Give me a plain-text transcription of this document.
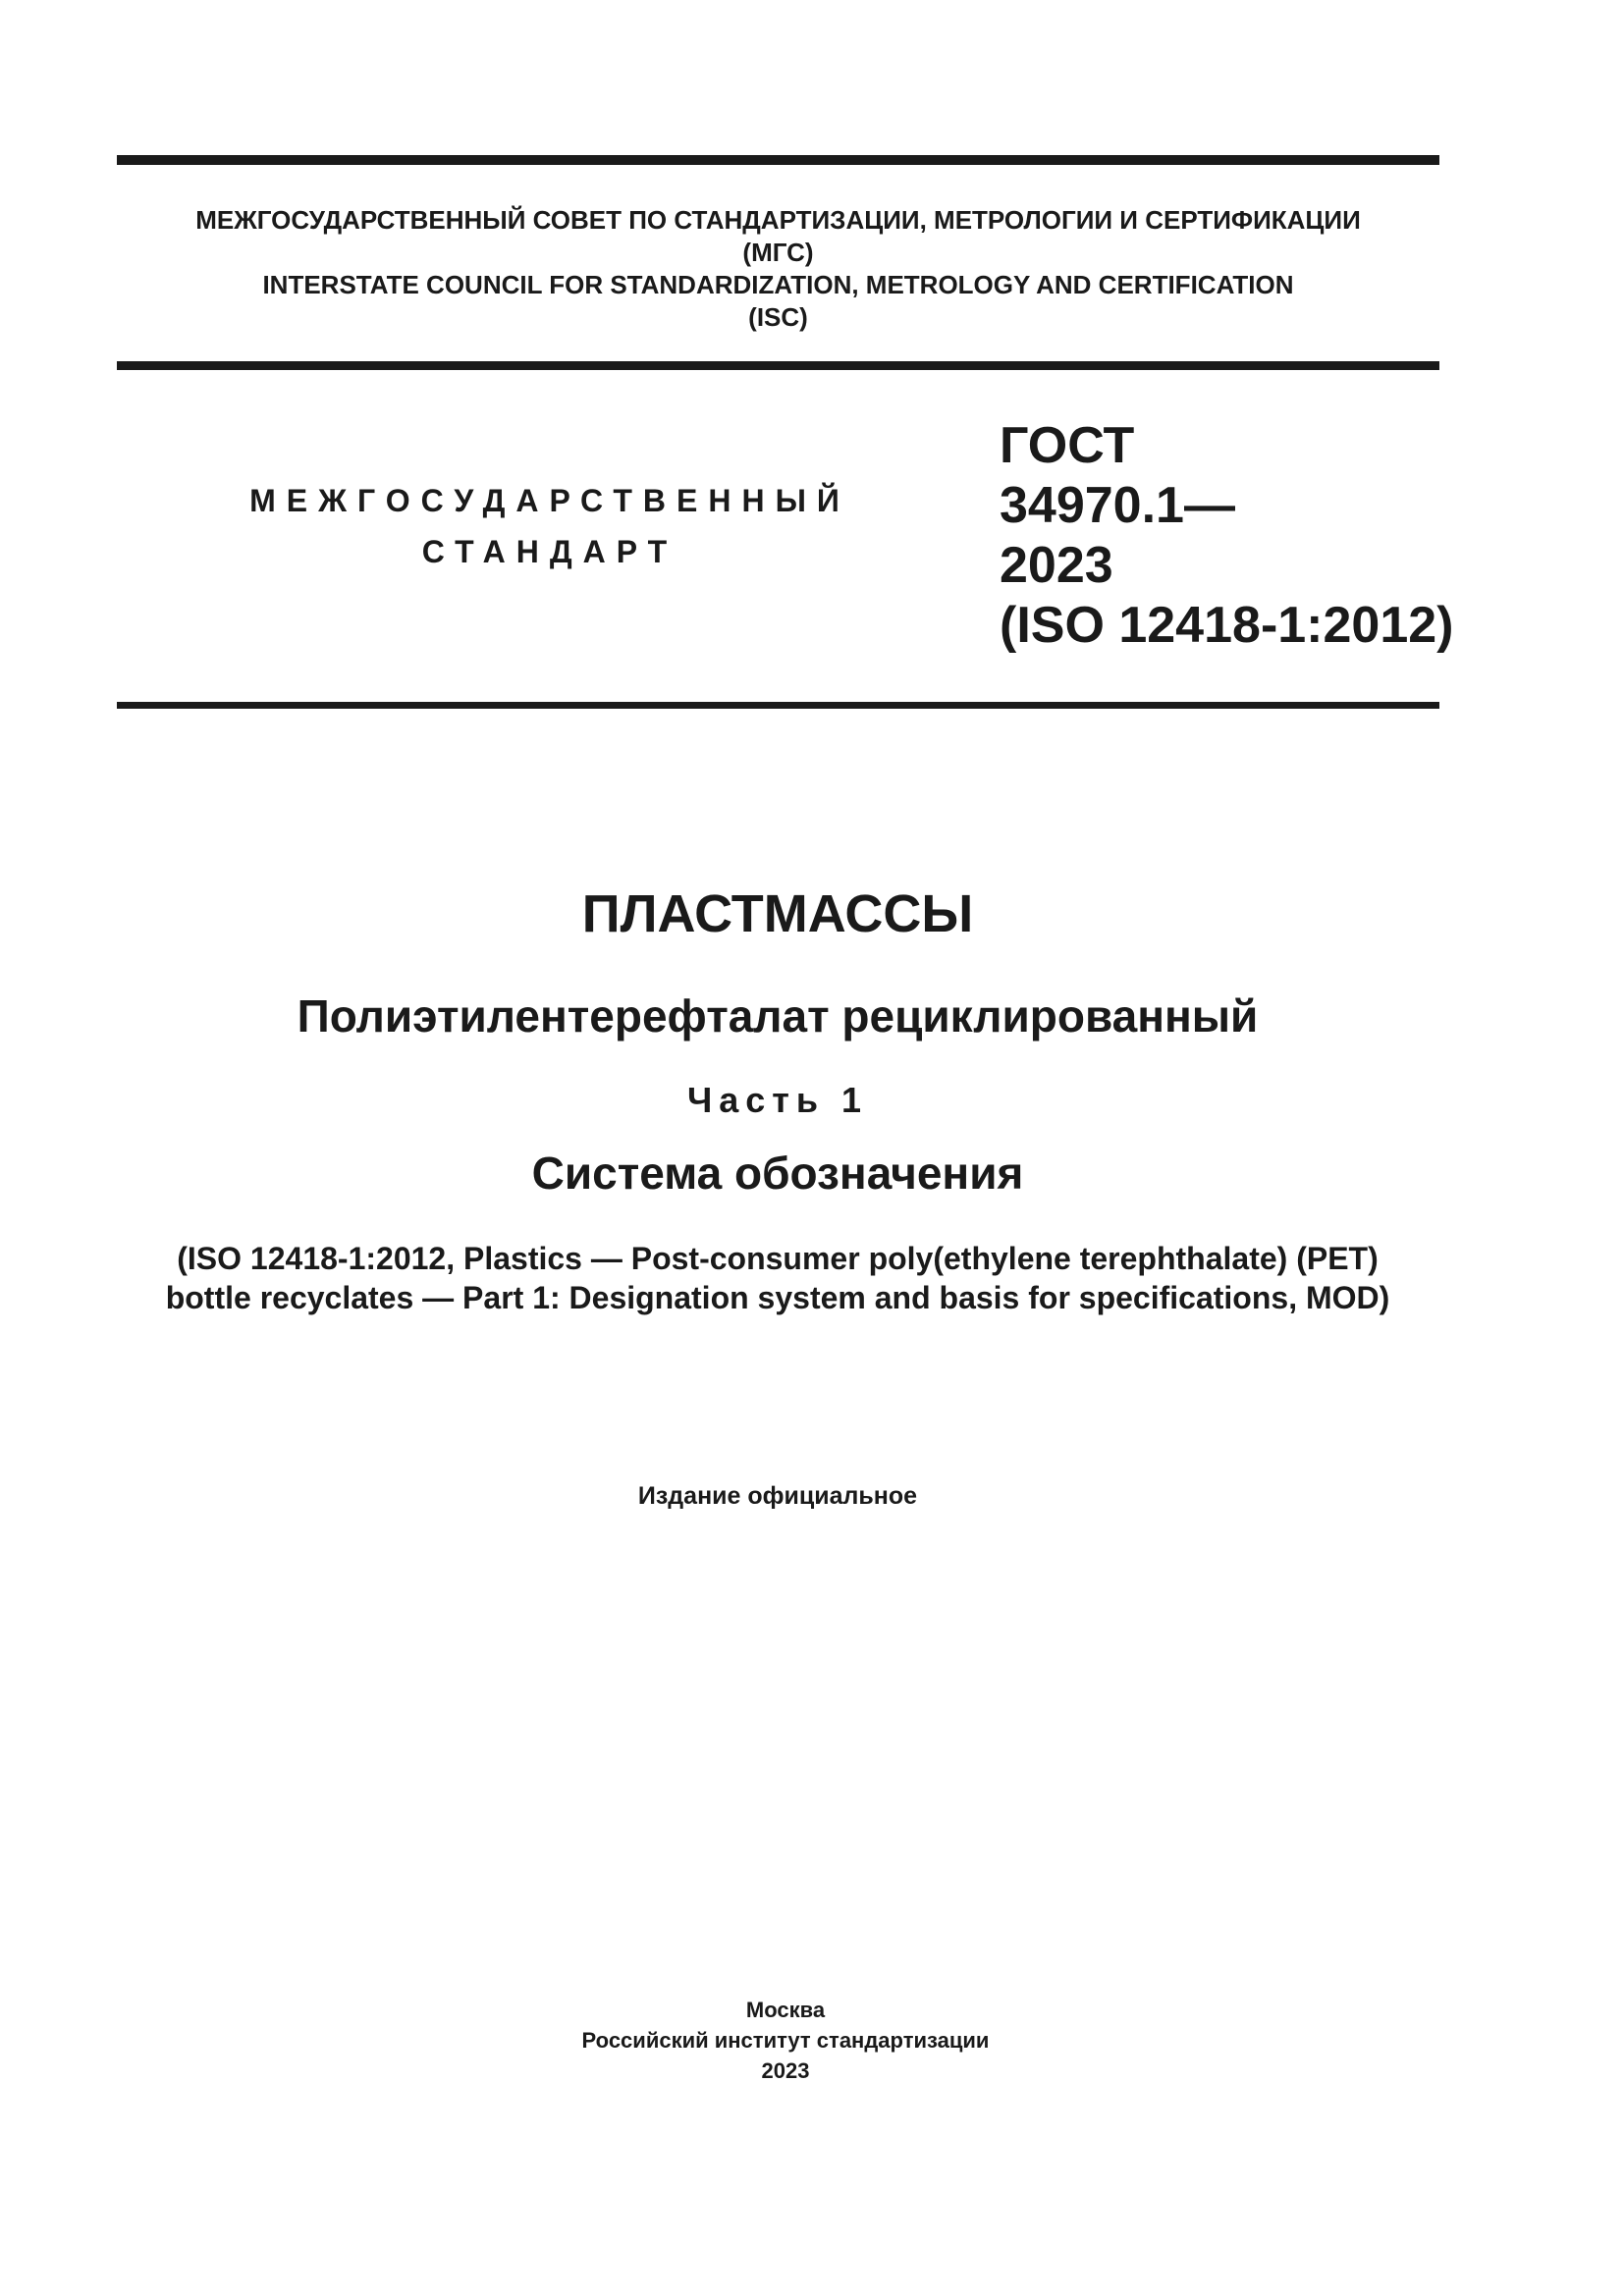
МЕЖГОСУДАРСТВЕННЫЙ СОВЕТ ПО СТАНДАРТИЗАЦИИ, МЕТРОЛОГИИ И СЕРТИФИКАЦИИ
(МГС)
INTERSTATE COUNCIL FOR STANDARDIZATION, METROLOGY AND CERTIFICATION
(ISC)
МЕЖГОСУДАРСТВЕННЫЙ
СТАНДАРТ
ГОСТ
34970.1—
2023
(ISO 12418-1:2012)
ПЛАСТМАССЫ
Полиэтилентерефталат рециклированный
Часть 1
Система обозначения
(ISO 12418-1:2012, Plastics — Post-consumer poly(ethylene terephthalate) (PET)
bottle recyclates — Part 1: Designation system and basis for specifications, MOD)
Издание официальное
Москва
Российский институт стандартизации
2023
